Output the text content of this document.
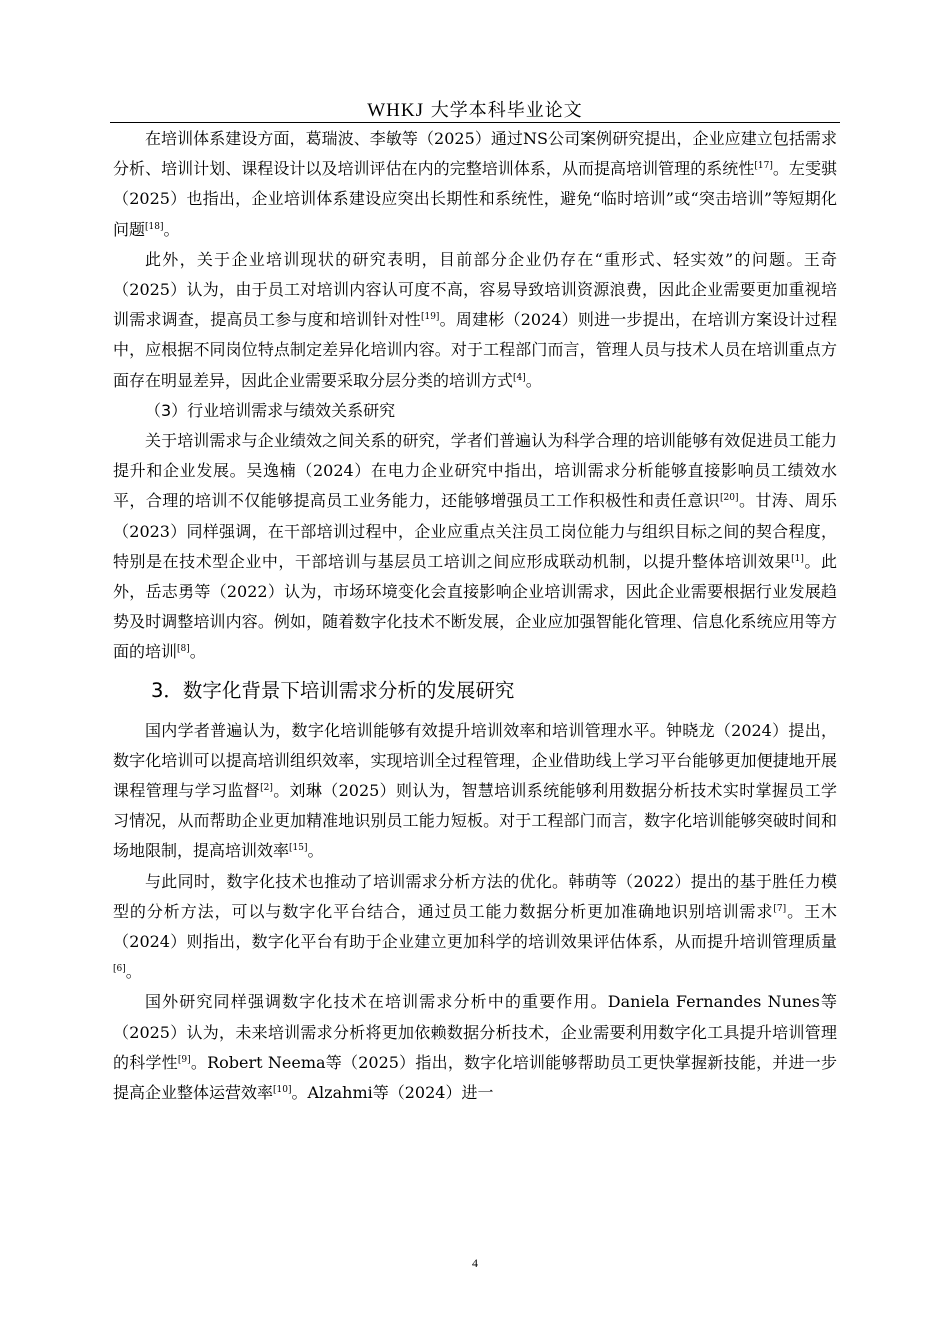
WHKJ 大学本科毕业论文

在培训体系建设方面，葛瑞波、李敏等（2025）通过NS公司案例研究提出，企业应建立包括需求分析、培训计划、课程设计以及培训评估在内的完整培训体系，从而提高培训管理的系统性[17]。左雯骐（2025）也指出，企业培训体系建设应突出长期性和系统性，避免“临时培训”或“突击培训”等短期化问题[18]。

此外，关于企业培训现状的研究表明，目前部分企业仍存在“重形式、轻实效”的问题。王奇（2025）认为，由于员工对培训内容认可度不高，容易导致培训资源浪费，因此企业需要更加重视培训需求调查，提高员工参与度和培训针对性[19]。周建彬（2024）则进一步提出，在培训方案设计过程中，应根据不同岗位特点制定差异化培训内容。对于工程部门而言，管理人员与技术人员在培训重点方面存在明显差异，因此企业需要采取分层分类的培训方式[4]。

（3）行业培训需求与绩效关系研究

关于培训需求与企业绩效之间关系的研究，学者们普遍认为科学合理的培训能够有效促进员工能力提升和企业发展。吴逸楠（2024）在电力企业研究中指出，培训需求分析能够直接影响员工绩效水平，合理的培训不仅能够提高员工业务能力，还能够增强员工工作积极性和责任意识[20]。甘涛、周乐（2023）同样强调，在干部培训过程中，企业应重点关注员工岗位能力与组织目标之间的契合程度，特别是在技术型企业中，干部培训与基层员工培训之间应形成联动机制，以提升整体培训效果[1]。此外，岳志勇等（2022）认为，市场环境变化会直接影响企业培训需求，因此企业需要根据行业发展趋势及时调整培训内容。例如，随着数字化技术不断发展，企业应加强智能化管理、信息化系统应用等方面的培训[8]。

3．数字化背景下培训需求分析的发展研究

国内学者普遍认为，数字化培训能够有效提升培训效率和培训管理水平。钟晓龙（2024）提出，数字化培训可以提高培训组织效率，实现培训全过程管理，企业借助线上学习平台能够更加便捷地开展课程管理与学习监督[2]。刘琳（2025）则认为，智慧培训系统能够利用数据分析技术实时掌握员工学习情况，从而帮助企业更加精准地识别员工能力短板。对于工程部门而言，数字化培训能够突破时间和场地限制，提高培训效率[15]。

与此同时，数字化技术也推动了培训需求分析方法的优化。韩萌等（2022）提出的基于胜任力模型的分析方法，可以与数字化平台结合，通过员工能力数据分析更加准确地识别培训需求[7]。王木（2024）则指出，数字化平台有助于企业建立更加科学的培训效果评估体系，从而提升培训管理质量[6]。

国外研究同样强调数字化技术在培训需求分析中的重要作用。Daniela Fernandes Nunes等（2025）认为，未来培训需求分析将更加依赖数据分析技术，企业需要利用数字化工具提升培训管理的科学性[9]。Robert Neema等（2025）指出，数字化培训能够帮助员工更快掌握新技能，并进一步提高企业整体运营效率[10]。Alzahmi等（2024）进一

4
